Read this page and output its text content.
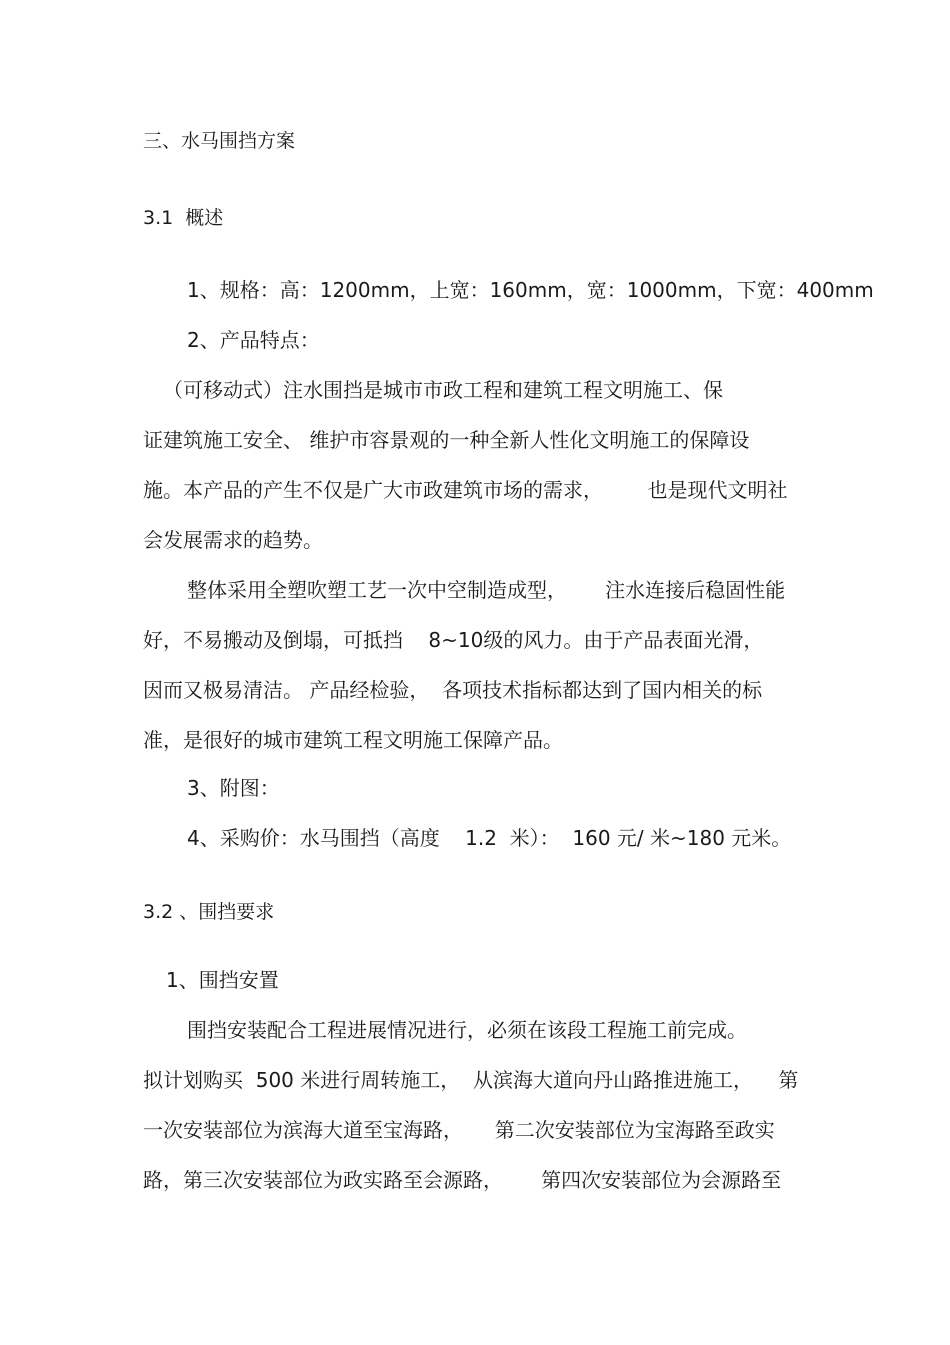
三、水马围挡方案
3.1  概述
1、规格：高：1200mm，上宽：160mm，宽：1000mm，下宽：400mm
2、产品特点：
（可移动式）注水围挡是城市市政工程和建筑工程文明施工、保
证建筑施工安全、 维护市容景观的一种全新人性化文明施工的保障设
施。本产品的产生不仅是广大市政建筑市场的需求，       也是现代文明社
会发展需求的趋势。
整体采用全塑吹塑工艺一次中空制造成型，      注水连接后稳固性能
好，不易搬动及倒塌，可抵挡    8~10级的风力。由于产品表面光滑，
因而又极易清洁。 产品经检验，  各项技术指标都达到了国内相关的标
准，是很好的城市建筑工程文明施工保障产品。
3、附图：
4、采购价：水马围挡（高度    1.2  米）：  160 元/ 米~180 元米。
3.2 、围挡要求
1、围挡安置
围挡安装配合工程进展情况进行，必须在该段工程施工前完成。
拟计划购买  500 米进行周转施工，  从滨海大道向丹山路推进施工，    第
一次安装部位为滨海大道至宝海路，     第二次安装部位为宝海路至政实
路，第三次安装部位为政实路至会源路，      第四次安装部位为会源路至
